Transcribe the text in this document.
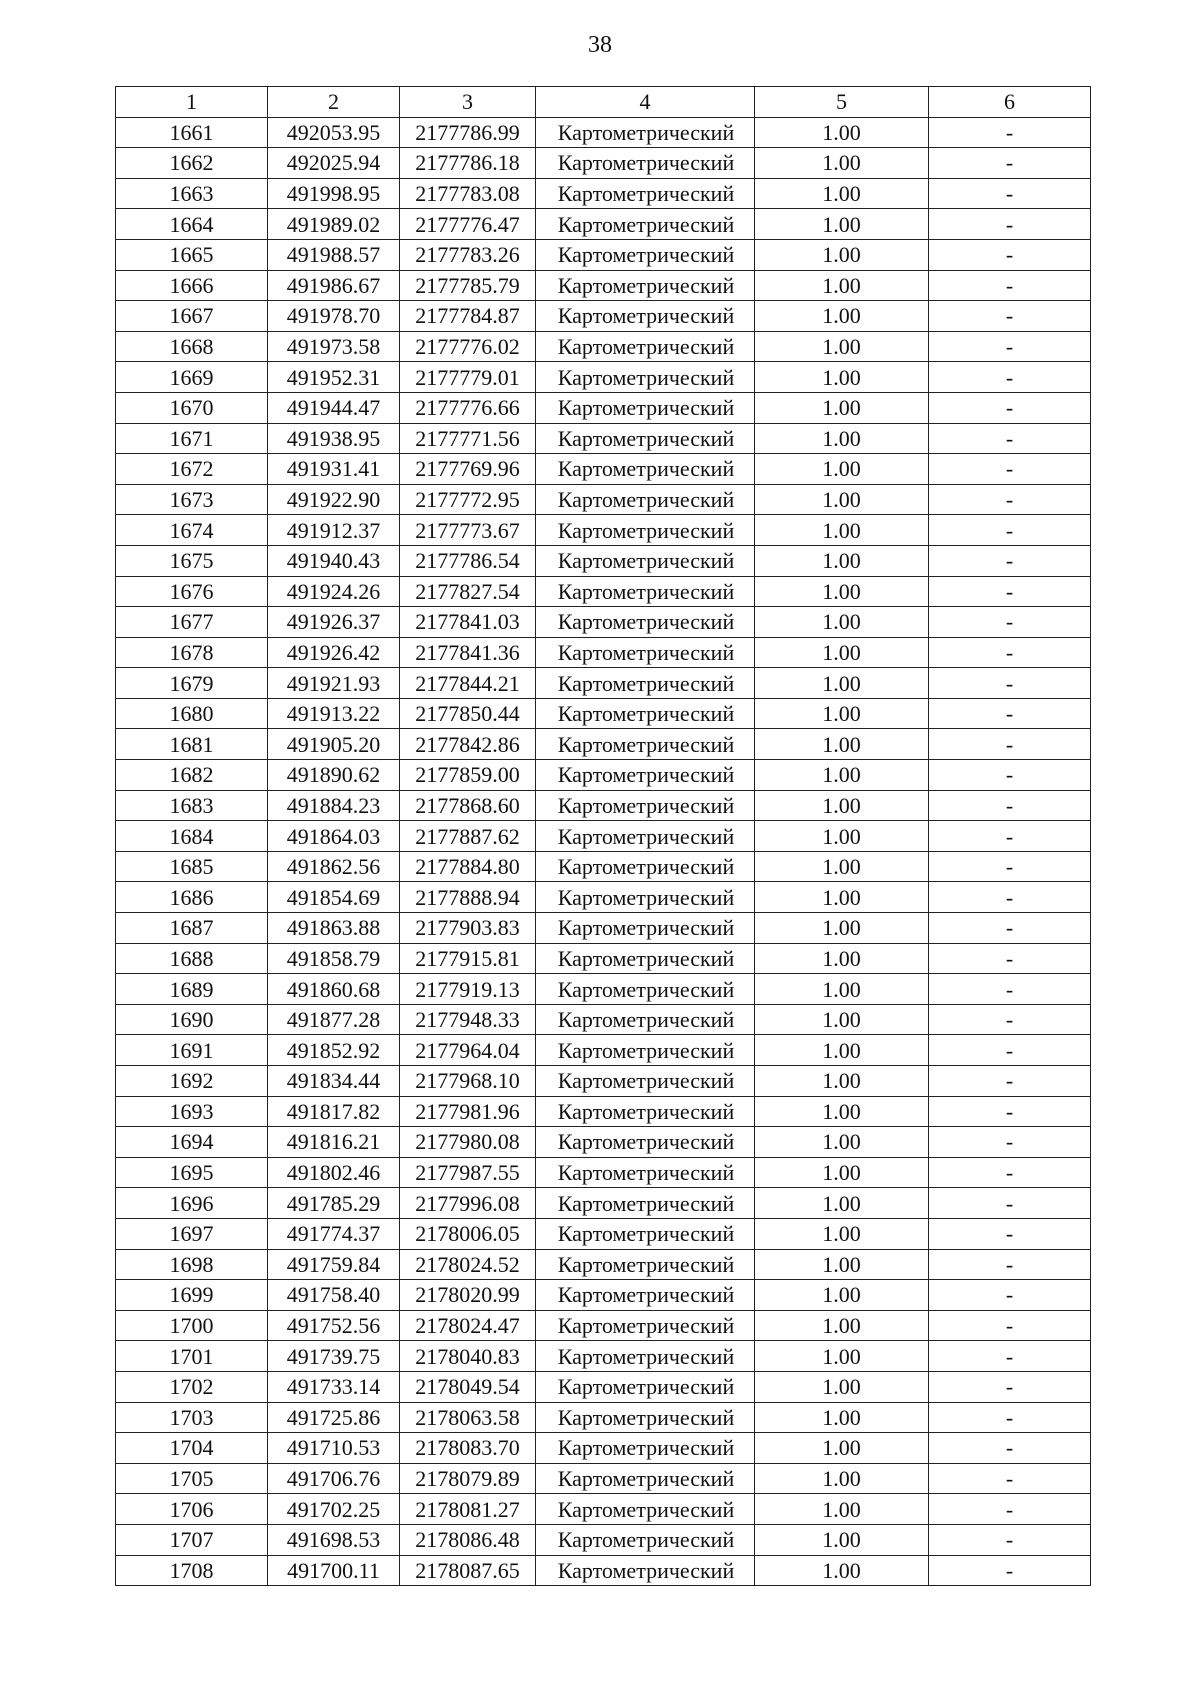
38
1	2	3	4	5	6
1661	492053.95	2177786.99	Картометрический	1.00	-
1662	492025.94	2177786.18	Картометрический	1.00	-
1663	491998.95	2177783.08	Картометрический	1.00	-
1664	491989.02	2177776.47	Картометрический	1.00	-
1665	491988.57	2177783.26	Картометрический	1.00	-
1666	491986.67	2177785.79	Картометрический	1.00	-
1667	491978.70	2177784.87	Картометрический	1.00	-
1668	491973.58	2177776.02	Картометрический	1.00	-
1669	491952.31	2177779.01	Картометрический	1.00	-
1670	491944.47	2177776.66	Картометрический	1.00	-
1671	491938.95	2177771.56	Картометрический	1.00	-
1672	491931.41	2177769.96	Картометрический	1.00	-
1673	491922.90	2177772.95	Картометрический	1.00	-
1674	491912.37	2177773.67	Картометрический	1.00	-
1675	491940.43	2177786.54	Картометрический	1.00	-
1676	491924.26	2177827.54	Картометрический	1.00	-
1677	491926.37	2177841.03	Картометрический	1.00	-
1678	491926.42	2177841.36	Картометрический	1.00	-
1679	491921.93	2177844.21	Картометрический	1.00	-
1680	491913.22	2177850.44	Картометрический	1.00	-
1681	491905.20	2177842.86	Картометрический	1.00	-
1682	491890.62	2177859.00	Картометрический	1.00	-
1683	491884.23	2177868.60	Картометрический	1.00	-
1684	491864.03	2177887.62	Картометрический	1.00	-
1685	491862.56	2177884.80	Картометрический	1.00	-
1686	491854.69	2177888.94	Картометрический	1.00	-
1687	491863.88	2177903.83	Картометрический	1.00	-
1688	491858.79	2177915.81	Картометрический	1.00	-
1689	491860.68	2177919.13	Картометрический	1.00	-
1690	491877.28	2177948.33	Картометрический	1.00	-
1691	491852.92	2177964.04	Картометрический	1.00	-
1692	491834.44	2177968.10	Картометрический	1.00	-
1693	491817.82	2177981.96	Картометрический	1.00	-
1694	491816.21	2177980.08	Картометрический	1.00	-
1695	491802.46	2177987.55	Картометрический	1.00	-
1696	491785.29	2177996.08	Картометрический	1.00	-
1697	491774.37	2178006.05	Картометрический	1.00	-
1698	491759.84	2178024.52	Картометрический	1.00	-
1699	491758.40	2178020.99	Картометрический	1.00	-
1700	491752.56	2178024.47	Картометрический	1.00	-
1701	491739.75	2178040.83	Картометрический	1.00	-
1702	491733.14	2178049.54	Картометрический	1.00	-
1703	491725.86	2178063.58	Картометрический	1.00	-
1704	491710.53	2178083.70	Картометрический	1.00	-
1705	491706.76	2178079.89	Картометрический	1.00	-
1706	491702.25	2178081.27	Картометрический	1.00	-
1707	491698.53	2178086.48	Картометрический	1.00	-
1708	491700.11	2178087.65	Картометрический	1.00	-
